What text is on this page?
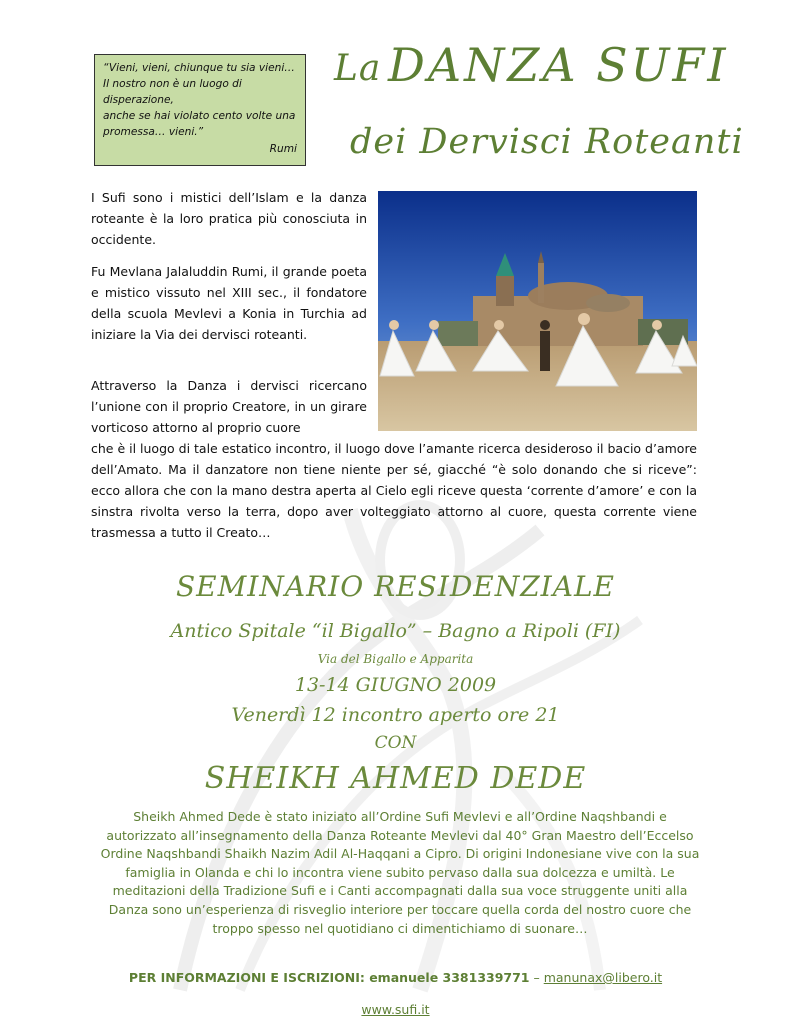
“Vieni, vieni, chiunque tu sia vieni…
Il nostro non è un luogo di
disperazione,
anche se hai violato cento volte una
promessa… vieni.”
Rumi
La DANZA SUFI
dei Dervisci Roteanti
I Sufi sono i mistici dell’Islam e la danza roteante è la loro pratica più conosciuta in occidente.
Fu Mevlana Jalaluddin Rumi, il grande poeta e mistico vissuto nel XIII sec., il fondatore della scuola Mevlevi a Konia in Turchia ad iniziare la Via dei dervisci roteanti.
Attraverso la Danza i dervisci ricercano l’unione con il proprio Creatore, in un girare vorticoso attorno al proprio cuore
che è il luogo di tale estatico incontro, il luogo dove l’amante ricerca desideroso il bacio d’amore dell’Amato. Ma il danzatore non tiene niente per sé, giacché “è solo donando che si riceve”: ecco allora che con la mano destra aperta al Cielo egli riceve questa ‘corrente d’amore’ e con la sinstra rivolta verso la terra, dopo aver volteggiato attorno al cuore, questa corrente viene trasmessa a tutto il Creato…
SEMINARIO RESIDENZIALE
Antico Spitale “il Bigallo” – Bagno a Ripoli (FI)
Via del Bigallo e Apparita
13-14 GIUGNO 2009
Venerdì 12 incontro aperto ore 21
CON
SHEIKH AHMED DEDE
Sheikh Ahmed Dede è stato iniziato all’Ordine Sufi Mevlevi e all’Ordine Naqshbandi e autorizzato all’insegnamento della Danza Roteante Mevlevi dal 40° Gran Maestro dell’Eccelso Ordine Naqshbandi Shaikh Nazim Adil Al-Haqqani a Cipro. Di origini Indonesiane vive con la sua famiglia in Olanda e chi lo incontra viene subito pervaso dalla sua dolcezza e umiltà. Le meditazioni della Tradizione Sufi e i Canti accompagnati dalla sua voce struggente uniti alla Danza sono un’esperienza di risveglio interiore per toccare quella corda del nostro cuore che troppo spesso nel quotidiano ci dimentichiamo di suonare…
PER INFORMAZIONI E ISCRIZIONI: emanuele 3381339771 – manunax@libero.it
www.sufi.it
